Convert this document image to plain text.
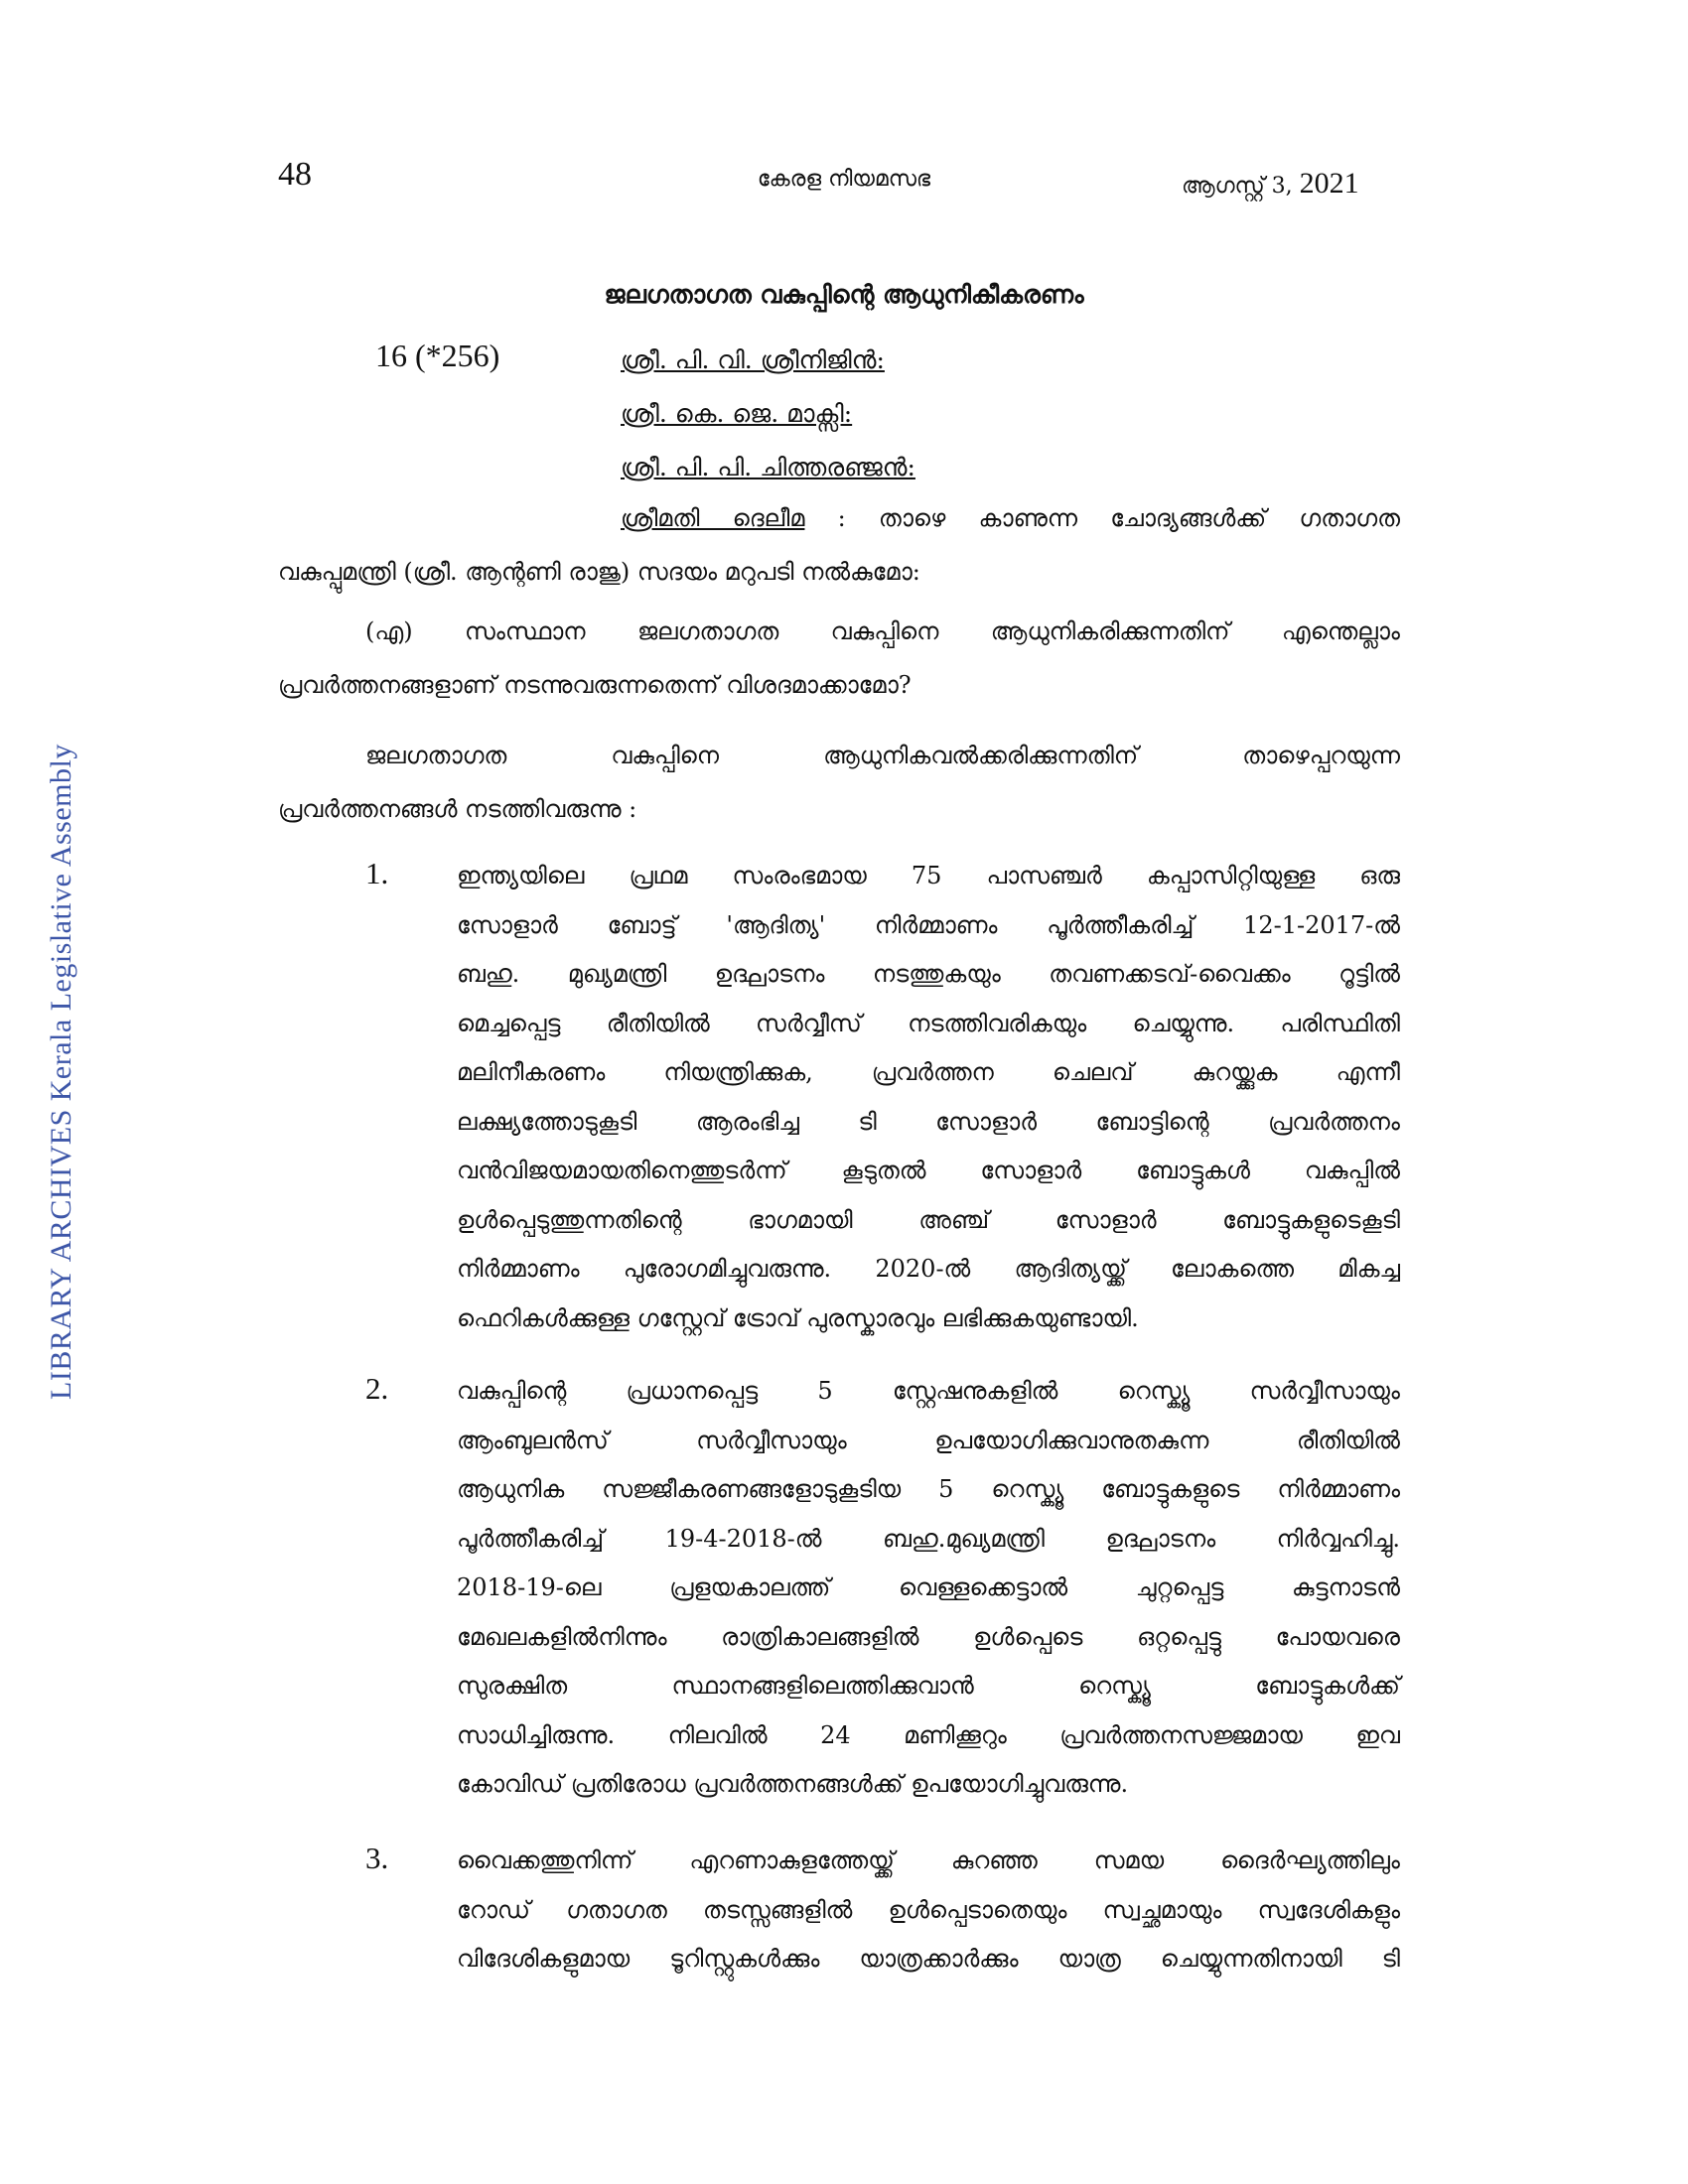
LIBRARY ARCHIVES Kerala Legislative Assembly
48	കേരള നിയമസഭ	ആഗസ്റ്റ് 3, 2021
ജലഗതാഗത വകുപ്പിന്റെ ആധുനികീകരണം
16 (*256)	ശ്രീ. പി. വി. ശ്രീനിജിൻ:
ശ്രീ. കെ. ജെ. മാക്സി:
ശ്രീ. പി. പി. ചിത്തരഞ്ജൻ:
ശ്രീമതി ദെലീമ : താഴെ കാണുന്ന ചോദ്യങ്ങൾക്ക് ഗതാഗത
വകുപ്പുമന്ത്രി (ശ്രീ. ആന്റണി രാജു) സദയം മറുപടി നൽകുമോ:
(എ) സംസ്ഥാന ജലഗതാഗത വകുപ്പിനെ ആധുനികരിക്കുന്നതിന് എന്തെല്ലാം
പ്രവർത്തനങ്ങളാണ് നടന്നുവരുന്നതെന്ന് വിശദമാക്കാമോ?
ജലഗതാഗത വകുപ്പിനെ ആധുനികവൽക്കരിക്കുന്നതിന് താഴെപ്പറയുന്ന
പ്രവർത്തനങ്ങൾ നടത്തിവരുന്നു :
1.	ഇന്ത്യയിലെ പ്രഥമ സംരംഭമായ 75 പാസഞ്ചർ കപ്പാസിറ്റിയുള്ള ഒരു
സോളാർ ബോട്ട് 'ആദിത്യ' നിർമ്മാണം പൂർത്തീകരിച്ച് 12-1-2017-ൽ
ബഹു. മുഖ്യമന്ത്രി ഉദ്ഘാടനം നടത്തുകയും തവണക്കടവ്-വൈക്കം റൂട്ടിൽ
മെച്ചപ്പെട്ട രീതിയിൽ സർവ്വീസ് നടത്തിവരികയും ചെയ്യുന്നു. പരിസ്ഥിതി
മലിനീകരണം നിയന്ത്രിക്കുക, പ്രവർത്തന ചെലവ് കുറയ്ക്കുക എന്നീ
ലക്ഷ്യത്തോടുകൂടി ആരംഭിച്ച ടി സോളാർ ബോട്ടിന്റെ പ്രവർത്തനം
വൻവിജയമായതിനെത്തുടർന്ന് കൂടുതൽ സോളാർ ബോട്ടുകൾ വകുപ്പിൽ
ഉൾപ്പെടുത്തുന്നതിന്റെ ഭാഗമായി അഞ്ച് സോളാർ ബോട്ടുകളുടെകൂടി
നിർമ്മാണം പുരോഗമിച്ചുവരുന്നു. 2020-ൽ ആദിത്യയ്ക്ക് ലോകത്തെ മികച്ച
ഫെറികൾക്കുള്ള ഗസ്റ്റേവ് ട്രോവ് പുരസ്കാരവും ലഭിക്കുകയുണ്ടായി.
2.	വകുപ്പിന്റെ പ്രധാനപ്പെട്ട 5 സ്റ്റേഷനുകളിൽ റെസ്ക്യൂ സർവ്വീസായും
ആംബുലൻസ് സർവ്വീസായും ഉപയോഗിക്കുവാനുതകുന്ന രീതിയിൽ
ആധുനിക സജ്ജീകരണങ്ങളോടുകൂടിയ 5 റെസ്ക്യൂ ബോട്ടുകളുടെ നിർമ്മാണം
പൂർത്തീകരിച്ച് 19-4-2018-ൽ ബഹു.മുഖ്യമന്ത്രി ഉദ്ഘാടനം നിർവ്വഹിച്ചു.
2018-19-ലെ പ്രളയകാലത്ത് വെള്ളക്കെട്ടാൽ ചുറ്റപ്പെട്ട കുട്ടനാടൻ
മേഖലകളിൽനിന്നും രാത്രികാലങ്ങളിൽ ഉൾപ്പെടെ ഒറ്റപ്പെട്ടു പോയവരെ
സുരക്ഷിത സ്ഥാനങ്ങളിലെത്തിക്കുവാൻ റെസ്ക്യൂ ബോട്ടുകൾക്ക്
സാധിച്ചിരുന്നു. നിലവിൽ 24 മണിക്കൂറും പ്രവർത്തനസജ്ജമായ ഇവ
കോവിഡ് പ്രതിരോധ പ്രവർത്തനങ്ങൾക്ക് ഉപയോഗിച്ചുവരുന്നു.
3.	വൈക്കത്തുനിന്ന് എറണാകുളത്തേയ്ക്ക് കുറഞ്ഞ സമയ ദൈർഘ്യത്തിലും
റോഡ് ഗതാഗത തടസ്സങ്ങളിൽ ഉൾപ്പെടാതെയും സ്വച്ഛമായും സ്വദേശികളും
വിദേശികളുമായ ടൂറിസ്റ്റുകൾക്കും യാത്രക്കാർക്കും യാത്ര ചെയ്യുന്നതിനായി ടി
